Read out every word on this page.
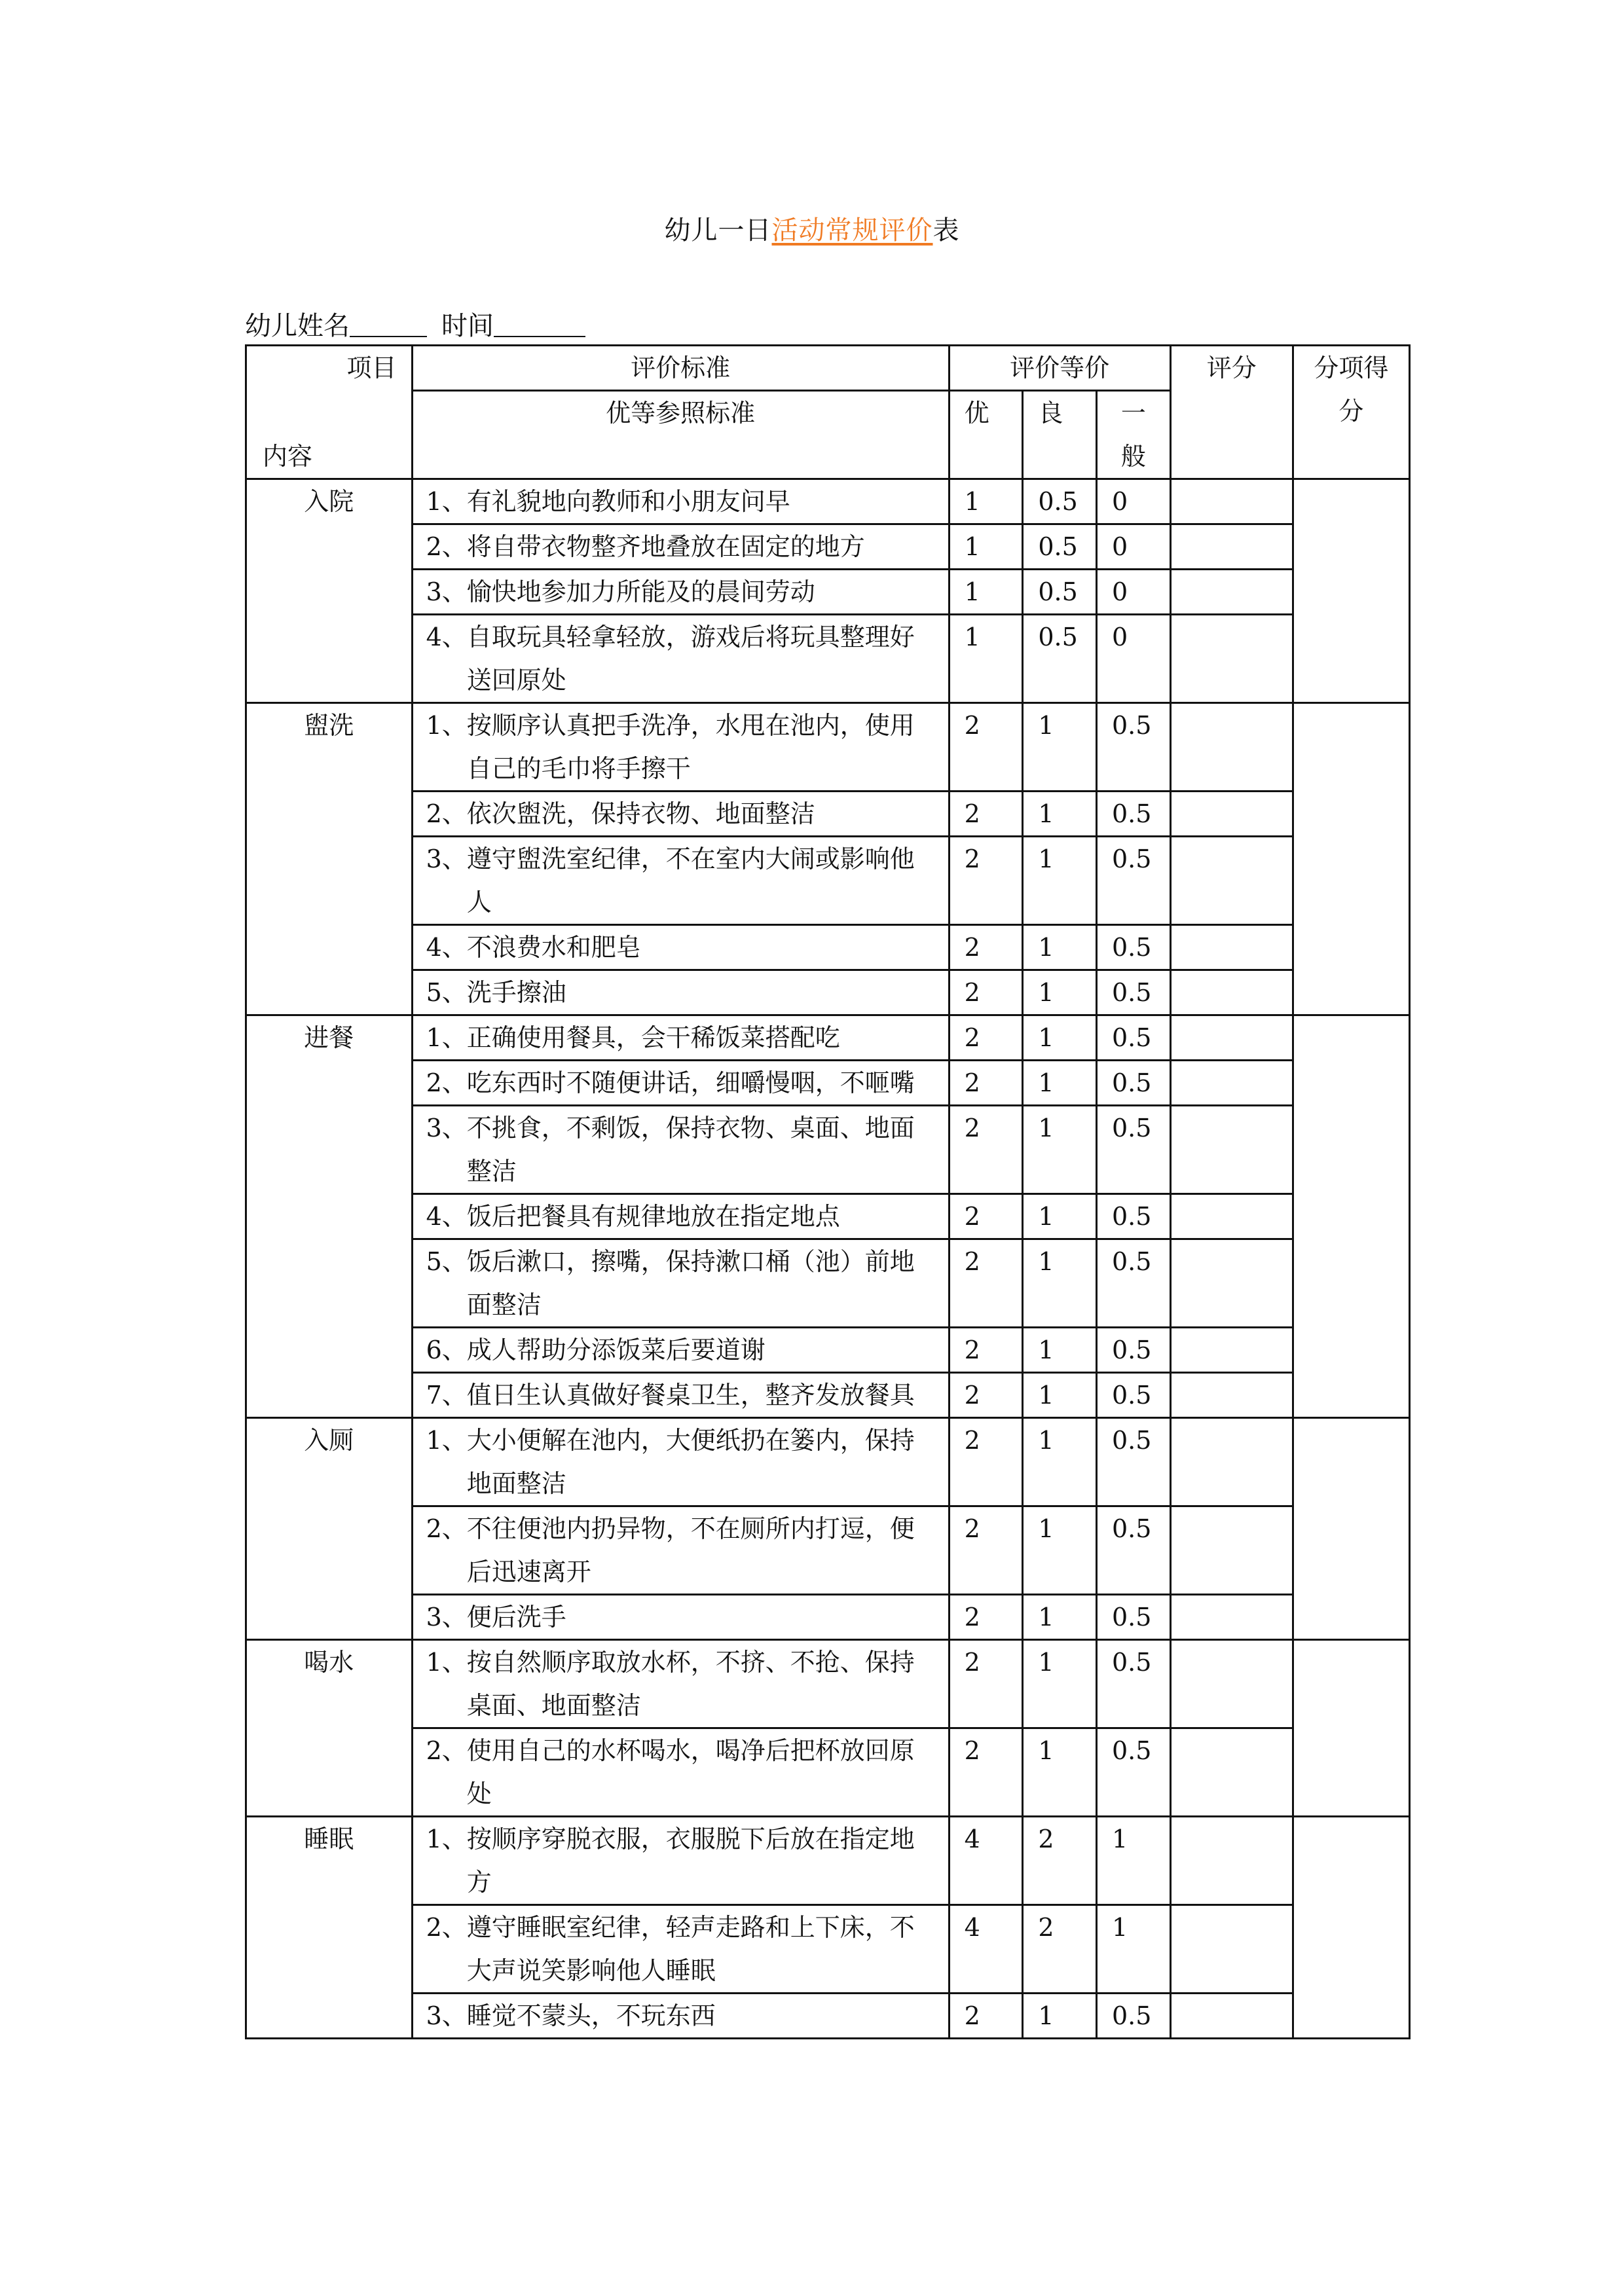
幼儿一日活动常规评价表
幼儿姓名	时间
项目
内容	评价标准	评价等价			评分	分项得分
	优等参照标准	优	良	一般		
入院	1、 有礼貌地向教师和小朋友问早	1	0.5	0		

	2、 将自带衣物整齐地叠放在固定的地方	1	0.5	0		

	3、 愉快地参加力所能及的晨间劳动	1	0.5	0		

	4、 自取玩具轻拿轻放，游戏后将玩具整理好送回原处	1	0.5	0		
盥洗	1、 按顺序认真把手洗净，水甩在池内，使用自己的毛巾将手擦干	2	1	0.5		

	2、 依次盥洗，保持衣物、地面整洁	2	1	0.5		

	3、 遵守盥洗室纪律，不在室内大闹或影响他人	2	1	0.5		

	4、 不浪费水和肥皂	2	1	0.5		

	5、 洗手擦油	2	1	0.5		
进餐	1、 正确使用餐具，会干稀饭菜搭配吃	2	1	0.5		

	2、 吃东西时不随便讲话，细嚼慢咽，不咂嘴	2	1	0.5		

	3、 不挑食，不剩饭，保持衣物、桌面、地面整洁	2	1	0.5		

	4、 饭后把餐具有规律地放在指定地点	2	1	0.5		

	5、 饭后漱口，擦嘴，保持漱口桶（池）前地面整洁	2	1	0.5		

	6、 成人帮助分添饭菜后要道谢	2	1	0.5		

	7、 值日生认真做好餐桌卫生，整齐发放餐具	2	1	0.5		
入厕	1、 大小便解在池内，大便纸扔在篓内，保持地面整洁	2	1	0.5		

	2、 不往便池内扔异物，不在厕所内打逗，便后迅速离开	2	1	0.5		

	3、 便后洗手	2	1	0.5		
喝水	1、 按自然顺序取放水杯，不挤、不抢、保持桌面、地面整洁	2	1	0.5		

	2、 使用自己的水杯喝水，喝净后把杯放回原处	2	1	0.5		
睡眠	1、 按顺序穿脱衣服，衣服脱下后放在指定地方	4	2	1		

	2、 遵守睡眠室纪律，轻声走路和上下床，不大声说笑影响他人睡眠	4	2	1		

	3、 睡觉不蒙头，不玩东西	2	1	0.5		
